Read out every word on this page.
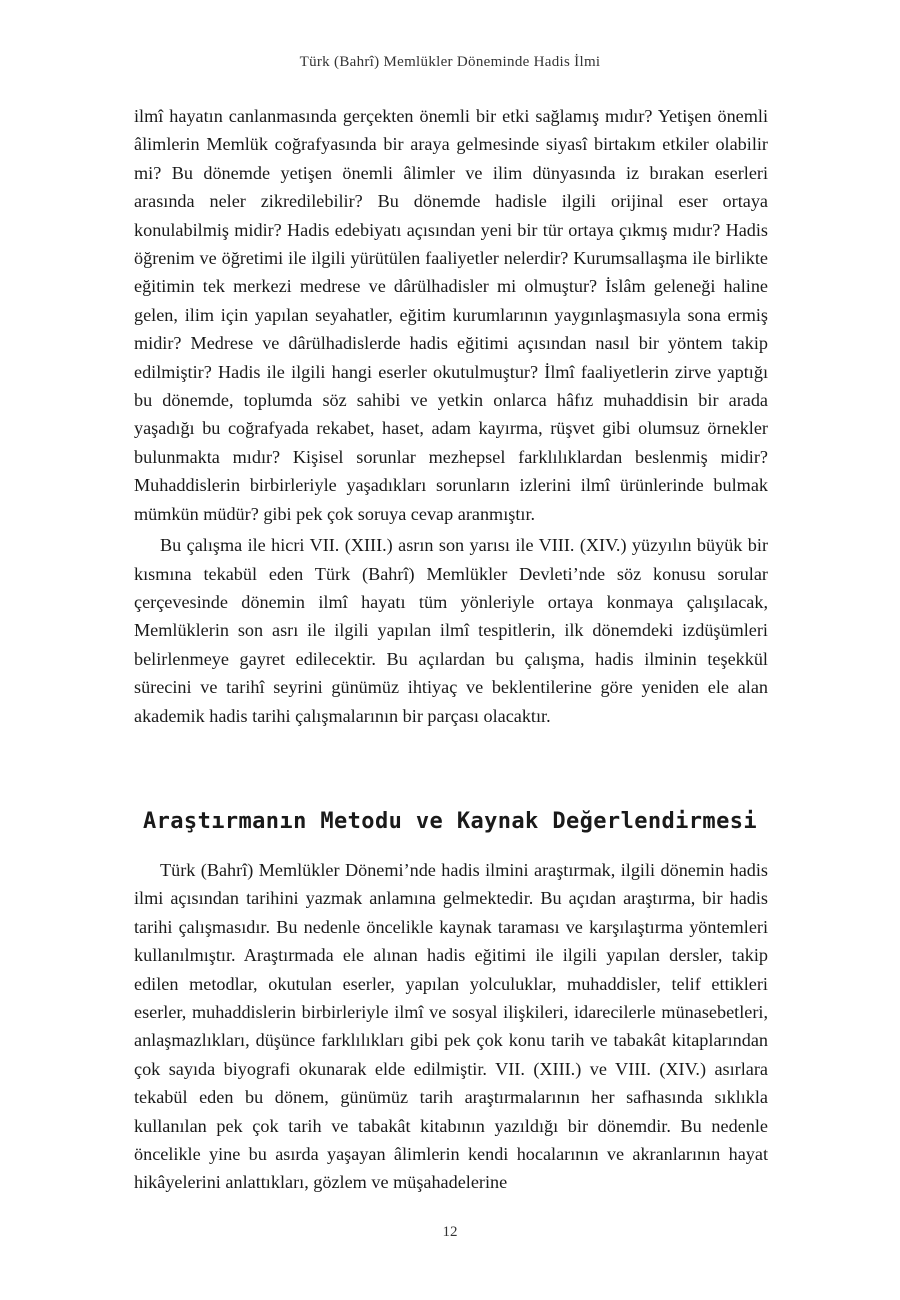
Türk (Bahrî) Memlükler Döneminde Hadis İlmi

ilmî hayatın canlanmasında gerçekten önemli bir etki sağlamış mıdır? Yetişen önemli âlimlerin Memlük coğrafyasında bir araya gelmesinde siyasî birtakım etkiler olabilir mi? Bu dönemde yetişen önemli âlimler ve ilim dünyasında iz bırakan eserleri arasında neler zikredilebilir? Bu dönemde hadisle ilgili orijinal eser ortaya konulabilmiş midir? Hadis edebiyatı açısından yeni bir tür ortaya çıkmış mıdır? Hadis öğrenim ve öğretimi ile ilgili yürütülen faaliyetler nelerdir? Kurumsallaşma ile birlikte eğitimin tek merkezi medrese ve dârülhadisler mi olmuştur? İslâm geleneği haline gelen, ilim için yapılan seyahatler, eğitim kurumlarının yaygınlaşmasıyla sona ermiş midir? Medrese ve dârülhadislerde hadis eğitimi açısından nasıl bir yöntem takip edilmiştir? Hadis ile ilgili hangi eserler okutulmuştur? İlmî faaliyetlerin zirve yaptığı bu dönemde, toplumda söz sahibi ve yetkin onlarca hâfız muhaddisin bir arada yaşadığı bu coğrafyada rekabet, haset, adam kayırma, rüşvet gibi olumsuz örnekler bulunmakta mıdır? Kişisel sorunlar mezhepsel farklılıklardan beslenmiş midir? Muhaddislerin birbirleriyle yaşadıkları sorunların izlerini ilmî ürünlerinde bulmak mümkün müdür? gibi pek çok soruya cevap aranmıştır.

Bu çalışma ile hicri VII. (XIII.) asrın son yarısı ile VIII. (XIV.) yüzyılın büyük bir kısmına tekabül eden Türk (Bahrî) Memlükler Devleti’nde söz konusu sorular çerçevesinde dönemin ilmî hayatı tüm yönleriyle ortaya konmaya çalışılacak, Memlüklerin son asrı ile ilgili yapılan ilmî tespitlerin, ilk dönemdeki izdüşümleri belirlenmeye gayret edilecektir. Bu açılardan bu çalışma, hadis ilminin teşekkül sürecini ve tarihî seyrini günümüz ihtiyaç ve beklentilerine göre yeniden ele alan akademik hadis tarihi çalışmalarının bir parçası olacaktır.

Araştırmanın Metodu ve Kaynak Değerlendirmesi

Türk (Bahrî) Memlükler Dönemi’nde hadis ilmini araştırmak, ilgili dönemin hadis ilmi açısından tarihini yazmak anlamına gelmektedir. Bu açıdan araştırma, bir hadis tarihi çalışmasıdır. Bu nedenle öncelikle kaynak taraması ve karşılaştırma yöntemleri kullanılmıştır. Araştırmada ele alınan hadis eğitimi ile ilgili yapılan dersler, takip edilen metodlar, okutulan eserler, yapılan yolculuklar, muhaddisler, telif ettikleri eserler, muhaddislerin birbirleriyle ilmî ve sosyal ilişkileri, idarecilerle münasebetleri, anlaşmazlıkları, düşünce farklılıkları gibi pek çok konu tarih ve tabakât kitaplarından çok sayıda biyografi okunarak elde edilmiştir. VII. (XIII.) ve VIII. (XIV.) asırlara tekabül eden bu dönem, günümüz tarih araştırmalarının her safhasında sıklıkla kullanılan pek çok tarih ve tabakât kitabının yazıldığı bir dönemdir. Bu nedenle öncelikle yine bu asırda yaşayan âlimlerin kendi hocalarının ve akranlarının hayat hikâyelerini anlattıkları, gözlem ve müşahadelerine

12
